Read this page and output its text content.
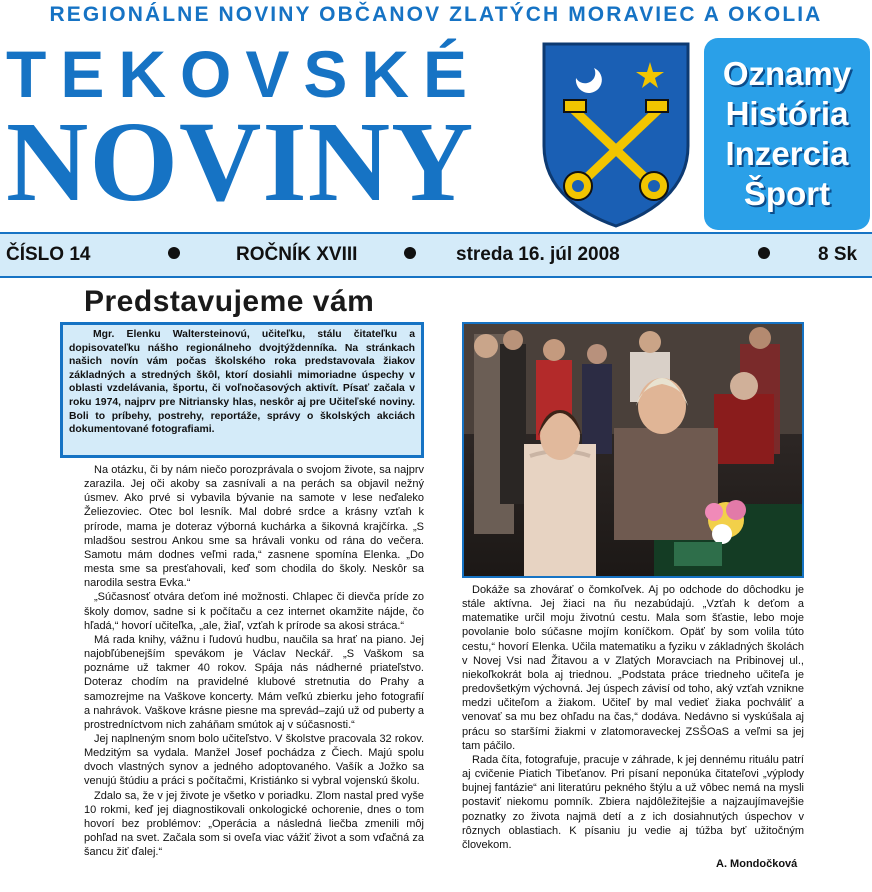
REGIONÁLNE NOVINY OBČANOV ZLATÝCH MORAVIEC A OKOLIA
TEKOVSKÉ
NOVINY
Oznamy
História
Inzercia
Šport
ČÍSLO 14	ROČNÍK XVIII	streda 16. júl 2008	8 Sk
Predstavujeme vám

Mgr. Elenku Waltersteinovú, učiteľku, stálu čitateľku a dopisovateľku nášho regionálneho dvojtýždenníka. Na stránkach našich novín vám počas školského roka predstavovala žiakov základných a stredných škôl, ktorí dosiahli mimoriadne úspechy v oblasti vzdelávania, športu, či voľnočasových aktivít. Písať začala v roku 1974, najprv pre Nitriansky hlas, neskôr aj pre Učiteľské noviny. Boli to príbehy, postrehy, reportáže, správy o školských akciách dokumentované fotografiami.

Na otázku, či by nám niečo porozprávala o svojom živote, sa najprv zarazila. Jej oči akoby sa zasnívali a na perách sa objavil nežný úsmev. Ako prvé si vybavila bývanie na samote v lese neďaleko Želiezoviec. Otec bol lesník. Mal dobré srdce a krásny vzťah k prírode, mama je doteraz výborná kuchárka a šikovná krajčírka. „S mladšou sestrou Ankou sme sa hrávali vonku od rána do večera. Samotu mám dodnes veľmi rada,“ zasnene spomína Elenka. „Do mesta sme sa presťahovali, keď som chodila do školy. Neskôr sa narodila sestra Evka.“

„Súčasnosť otvára deťom iné možnosti. Chlapec či dievča príde zo školy domov, sadne si k počítaču a cez internet okamžite nájde, čo hľadá,“ hovorí učiteľka, „ale, žiaľ, vzťah k prírode sa akosi stráca.“

Má rada knihy, vážnu i ľudovú hudbu, naučila sa hrať na piano. Jej najobľúbenejším spevákom je Václav Neckář. „S Vaškom sa poznáme už takmer 40 rokov. Spája nás nádherné priateľstvo. Doteraz chodím na pravidelné klubové stretnutia do Prahy a samozrejme na Vaškove koncerty. Mám veľkú zbierku jeho fotografií a nahrávok. Vaškove krásne piesne ma sprevád–zajú už od puberty a prostredníctvom nich zaháňam smútok aj v súčasnosti.“

Jej naplneným snom bolo učiteľstvo. V školstve pracovala 32 rokov. Medzitým sa vydala. Manžel Josef pochádza z Čiech. Majú spolu dvoch vlastných synov a jedného adoptovaného. Vašík a Jožko sa venujú štúdiu a práci s počítačmi, Kristiánko si vybral vojenskú školu.

Zdalo sa, že v jej živote je všetko v poriadku. Zlom nastal pred vyše 10 rokmi, keď jej diagnostikovali onkologické ochorenie, dnes o tom hovorí bez problémov: „Operácia a následná liečba zmenili môj pohľad na svet. Začala som si oveľa viac vážiť život a som vďačná za šancu žiť ďalej.“

Dokáže sa zhovárať o čomkoľvek. Aj po odchode do dôchodku je stále aktívna. Jej žiaci na ňu nezabúdajú. „Vzťah k deťom a matematike určil moju životnú cestu. Mala som šťastie, lebo moje povolanie bolo súčasne mojím koníčkom. Opäť by som volila túto cestu,“ hovorí Elenka. Učila matematiku a fyziku v základných školách v Novej Vsi nad Žitavou a v Zlatých Moravciach na Pribinovej ul., niekoľkokrát bola aj triednou. „Podstata práce triedneho učiteľa je predovšetkým výchovná. Jej úspech závisí od toho, aký vzťah vznikne medzi učiteľom a žiakom. Učiteľ by mal vedieť žiaka pochváliť a venovať sa mu bez ohľadu na čas,“ dodáva. Nedávno si vyskúšala aj prácu so staršími žiakmi v zlatomoraveckej ZSŠOaS a veľmi sa jej tam páčilo.

Rada číta, fotografuje, pracuje v záhrade, k jej dennému rituálu patrí aj cvičenie Piatich Tibeťanov. Pri písaní neponúka čitateľovi „výplody bujnej fantázie“ ani literatúru pekného štýlu a už vôbec nemá na mysli postaviť niekomu pomník. Zbiera najdôležitejšie a najzaujímavejšie poznatky zo života najmä detí a z ich dosiahnutých úspechov v rôznych oblastiach. K písaniu ju vedie aj túžba byť užitočným človekom.

A. Mondočková
